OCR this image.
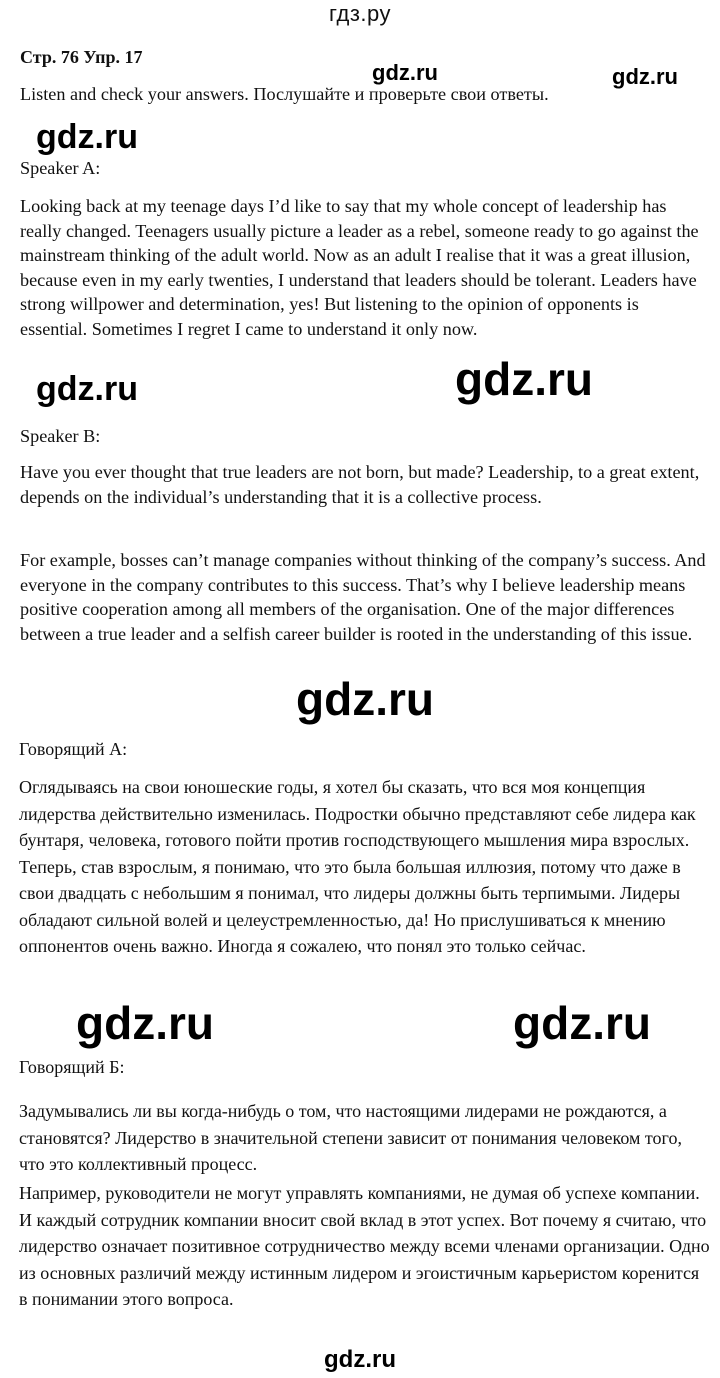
гдз.ру
Стр. 76 Упр. 17

Listen and check your answers. Послушайте и проверьте свои ответы.

Speaker A:

Looking back at my teenage days I’d like to say that my whole concept of leadership has really changed. Teenagers usually picture a leader as a rebel, someone ready to go against the mainstream thinking of the adult world. Now as an adult I realise that it was a great illusion, because even in my early twenties, I understand that leaders should be tolerant. Leaders have strong willpower and determination, yes! But listening to the opinion of opponents is essential. Sometimes I regret I came to understand it only now.

Speaker B:

Have you ever thought that true leaders are not born, but made? Leadership, to a great extent, depends on the individual’s understanding that it is a collective process.

For example, bosses can’t manage companies without thinking of the company’s success. And everyone in the company contributes to this success. That’s why I believe leadership means positive cooperation among all members of the organisation. One of the major differences between a true leader and a selfish career builder is rooted in the understanding of this issue.

Говорящий А:

Оглядываясь на свои юношеские годы, я хотел бы сказать, что вся моя концепция лидерства действительно изменилась. Подростки обычно представляют себе лидера как бунтаря, человека, готового пойти против господствующего мышления мира взрослых. Теперь, став взрослым, я понимаю, что это была большая иллюзия, потому что даже в свои двадцать с небольшим я понимал, что лидеры должны быть терпимыми. Лидеры обладают сильной волей и целеустремленностью, да! Но прислушиваться к мнению оппонентов очень важно. Иногда я сожалею, что понял это только сейчас.

Говорящий Б:

Задумывались ли вы когда-нибудь о том, что настоящими лидерами не рождаются, а становятся? Лидерство в значительной степени зависит от понимания человеком того, что это коллективный процесс.

Например, руководители не могут управлять компаниями, не думая об успехе компании. И каждый сотрудник компании вносит свой вклад в этот успех. Вот почему я считаю, что лидерство означает позитивное сотрудничество между всеми членами организации. Одно из основных различий между истинным лидером и эгоистичным карьеристом коренится в понимании этого вопроса.

gdz.ru	gdz.ru
gdz.ru
gdz.ru	gdz.ru
gdz.ru
gdz.ru	gdz.ru
gdz.ru
